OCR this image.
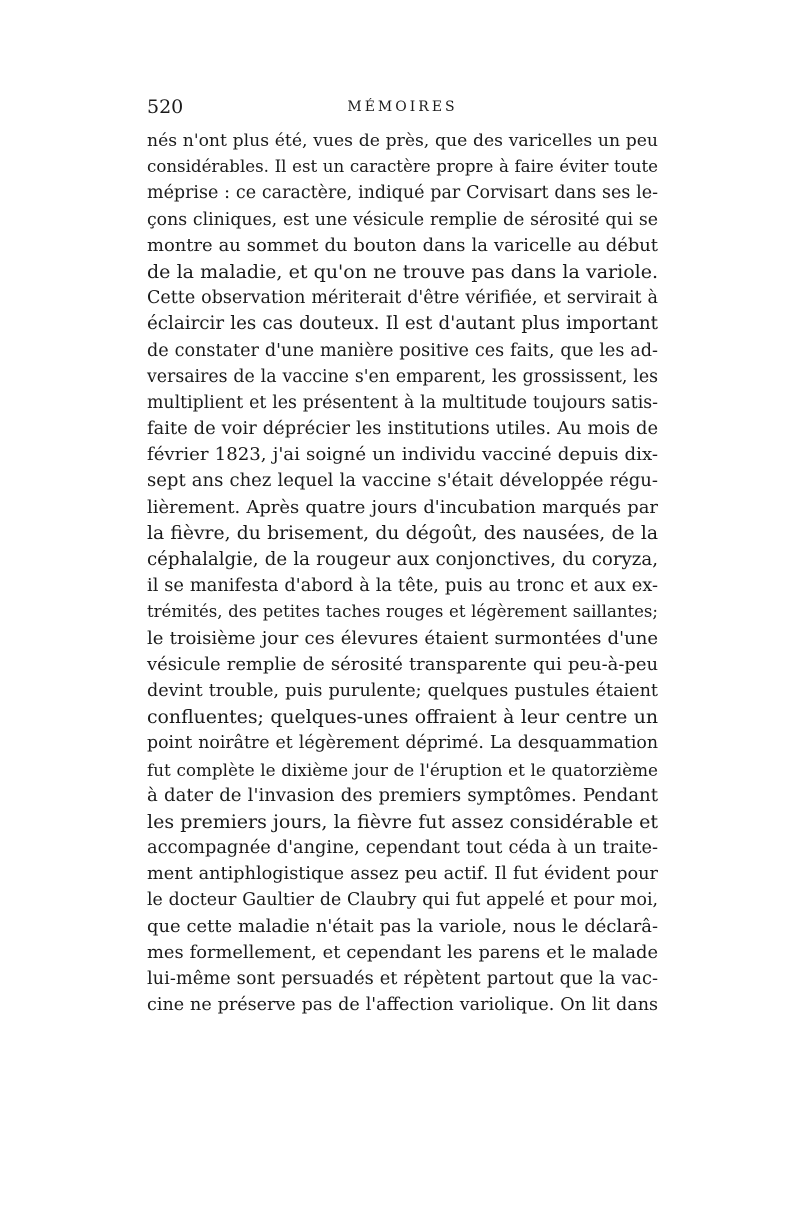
520	MÉMOIRES
nés n'ont plus été, vues de près, que des varicelles un peu
considérables. Il est un caractère propre à faire éviter toute
méprise : ce caractère, indiqué par Corvisart dans ses le-
çons cliniques, est une vésicule remplie de sérosité qui se
montre au sommet du bouton dans la varicelle au début
de la maladie, et qu'on ne trouve pas dans la variole.
Cette observation mériterait d'être vérifiée, et servirait à
éclaircir les cas douteux. Il est d'autant plus important
de constater d'une manière positive ces faits, que les ad-
versaires de la vaccine s'en emparent, les grossissent, les
multiplient et les présentent à la multitude toujours satis-
faite de voir déprécier les institutions utiles. Au mois de
février 1823, j'ai soigné un individu vacciné depuis dix-
sept ans chez lequel la vaccine s'était développée régu-
lièrement. Après quatre jours d'incubation marqués par
la fièvre, du brisement, du dégoût, des nausées, de la
céphalalgie, de la rougeur aux conjonctives, du coryza,
il se manifesta d'abord à la tête, puis au tronc et aux ex-
trémités, des petites taches rouges et légèrement saillantes;
le troisième jour ces élevures étaient surmontées d'une
vésicule remplie de sérosité transparente qui peu-à-peu
devint trouble, puis purulente; quelques pustules étaient
confluentes; quelques-unes offraient à leur centre un
point noirâtre et légèrement déprimé. La desquammation
fut complète le dixième jour de l'éruption et le quatorzième
à dater de l'invasion des premiers symptômes. Pendant
les premiers jours, la fièvre fut assez considérable et
accompagnée d'angine, cependant tout céda à un traite-
ment antiphlogistique assez peu actif. Il fut évident pour
le docteur Gaultier de Claubry qui fut appelé et pour moi,
que cette maladie n'était pas la variole, nous le déclarâ-
mes formellement, et cependant les parens et le malade
lui-même sont persuadés et répètent partout que la vac-
cine ne préserve pas de l'affection variolique. On lit dans
